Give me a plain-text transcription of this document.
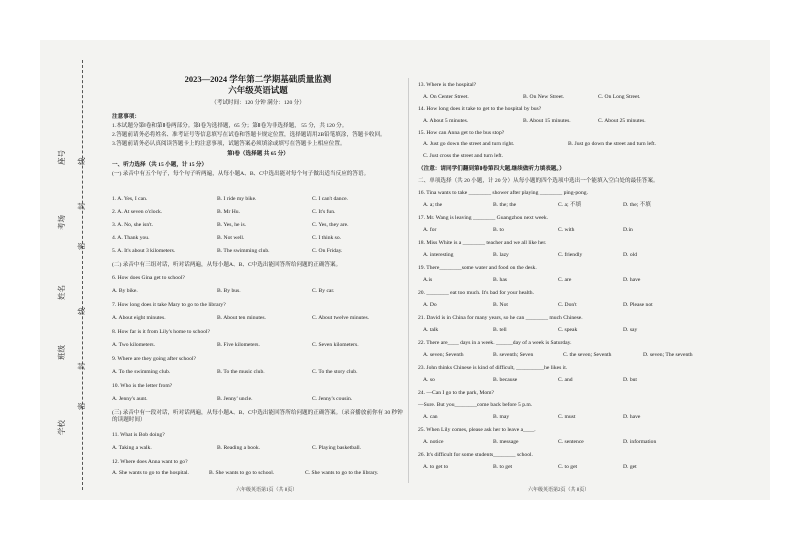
学校
班级
姓名
考场
座号
密
封
线
密
封
线
2023—2024 学年第二学期基础质量监测
六年级英语试题
（考试时间：120 分钟 满分：120 分）
注意事项：
1.本试题分第Ⅰ卷和第Ⅱ卷两部分。第Ⅰ卷为选择题，65 分；第Ⅱ卷为非选择题， 55 分，共 120 分。
2.答题前请务必将姓名、准考证号等信息填写在试卷和答题卡规定位置，选择题请用2B铅笔填涂，答题卡收回。
3.答题前请务必认真阅读答题卡上的注意事项，试题答案必须填涂或填写在答题卡上相应位置。
第Ⅰ卷（选择题 共 65 分）
一、听力选择（共 15 小题，计 15 分）
(一) 录音中有五个句子，每个句子听两遍，从每小题A、B、C中选出能对每个句子做出适当反应的答语。
1. A. Yes, I can.	B. I ride my bike.	C. I can't dance.
2. A. At seven o'clock.	B. Mr Hu.	C. It's fun.
3. A. No, she isn't.	B. Yes, he is.	C. Yes, they are.
4. A. Thank you.	B. Not well.	C. I think so.
5. A. It's about 3 kilometers.	B. The swimming club.	C. On Friday.
(二) 录音中有三组对话，听对话两遍，从每小题A、B、C中选出能回答所给问题的正确答案。
6. How does Gina get to school?
A. By bike.	B. By bus.	C. By car.
7. How long does it take Mary to go to the library?
A. About eight minutes.	B. About ten minutes.	C. About twelve minutes.
8. How far is it from Lily's home to school?
A. Two kilometers.	B. Five kilometers.	C. Seven kilometers.
9. Where are they going after school?
A. To the swimming club.	B. To the music club.	C. To the story club.
10. Who is the letter from?
A. Jenny's aunt.	B. Jenny' uncle.	C. Jenny's cousin.
(三) 录音中有一段对话，听对话两遍，从每小题A、B、C中选出能回答所给问题的正确答案。（录音播放前你有 30 秒钟的读题时间）
11. What is Bob doing?
A. Taking a walk.	B. Reading a book.	C. Playing basketball.
12. Where does Anna want to go?
A. She wants to go to the hospital.	B. She wants to go to school.	C. She wants to go to the library.
13. Where is the hospital?
A. On Center Street.	B. On New Street.	C. On Long Street.
14. How long does it take to get to the hospital by bus?
A. About 5 minutes.	B. About 15 minutes.	C. About 25 minutes.
15. How can Anna get to the bus stop?
A. Just go down the street and turn right.	B. Just go down the street and turn left.
C. Just cross the street and turn left.
（注意：请同学们翻到第Ⅱ卷第四大题,继续做听力填表题。）
二、单项选择（共 20 小题，计 20 分）从每小题的四个选项中选出一个能填入空白处的最佳答案。
16. Tina wants to take ________ shower after playing ________ ping-pong.
A. a; the	B. the; the	C. a; 不填	D. the; 不填
17. Mr. Wang is leaving ________ Guangzhou next week.
A. for	B. to	C. with	D.in
18. Miss White is a ________ teacher and we all like her.
A. interesting	B. lazy	C. friendly	D. old
19. There________some water and food on the desk.
A.is	B. has	C. are	D. have
20. ________ eat too much. It's bad for your health.
A. Do	B. Not	C. Don't	D. Please not
21. David is in China for many years, so he can ________ much Chinese.
A. talk	B. tell	C. speak	D. say
22. There are____ days in a week. ______day of a week is Saturday.
A. seven; Seventh	B. seventh; Seven	C. the seven; Seventh	D. seven; The seventh
23. John thinks Chinese is kind of difficult, __________he likes it.
A. so	B. because	C. and	D. but
24. —Can I go to the park, Mom?
—Sure. But you________come back before 5 p.m.
A. can	B. may	C. must	D. have
25. When Lily comes, please ask her to leave a____.
A. notice	B. message	C. sentence	D. information
26. It's difficult for some students________ school.
A. to get to	B. to get	C. to get	D. get
六年级英语第1页（共 8页）	六年级英语第2页（共 8页）
